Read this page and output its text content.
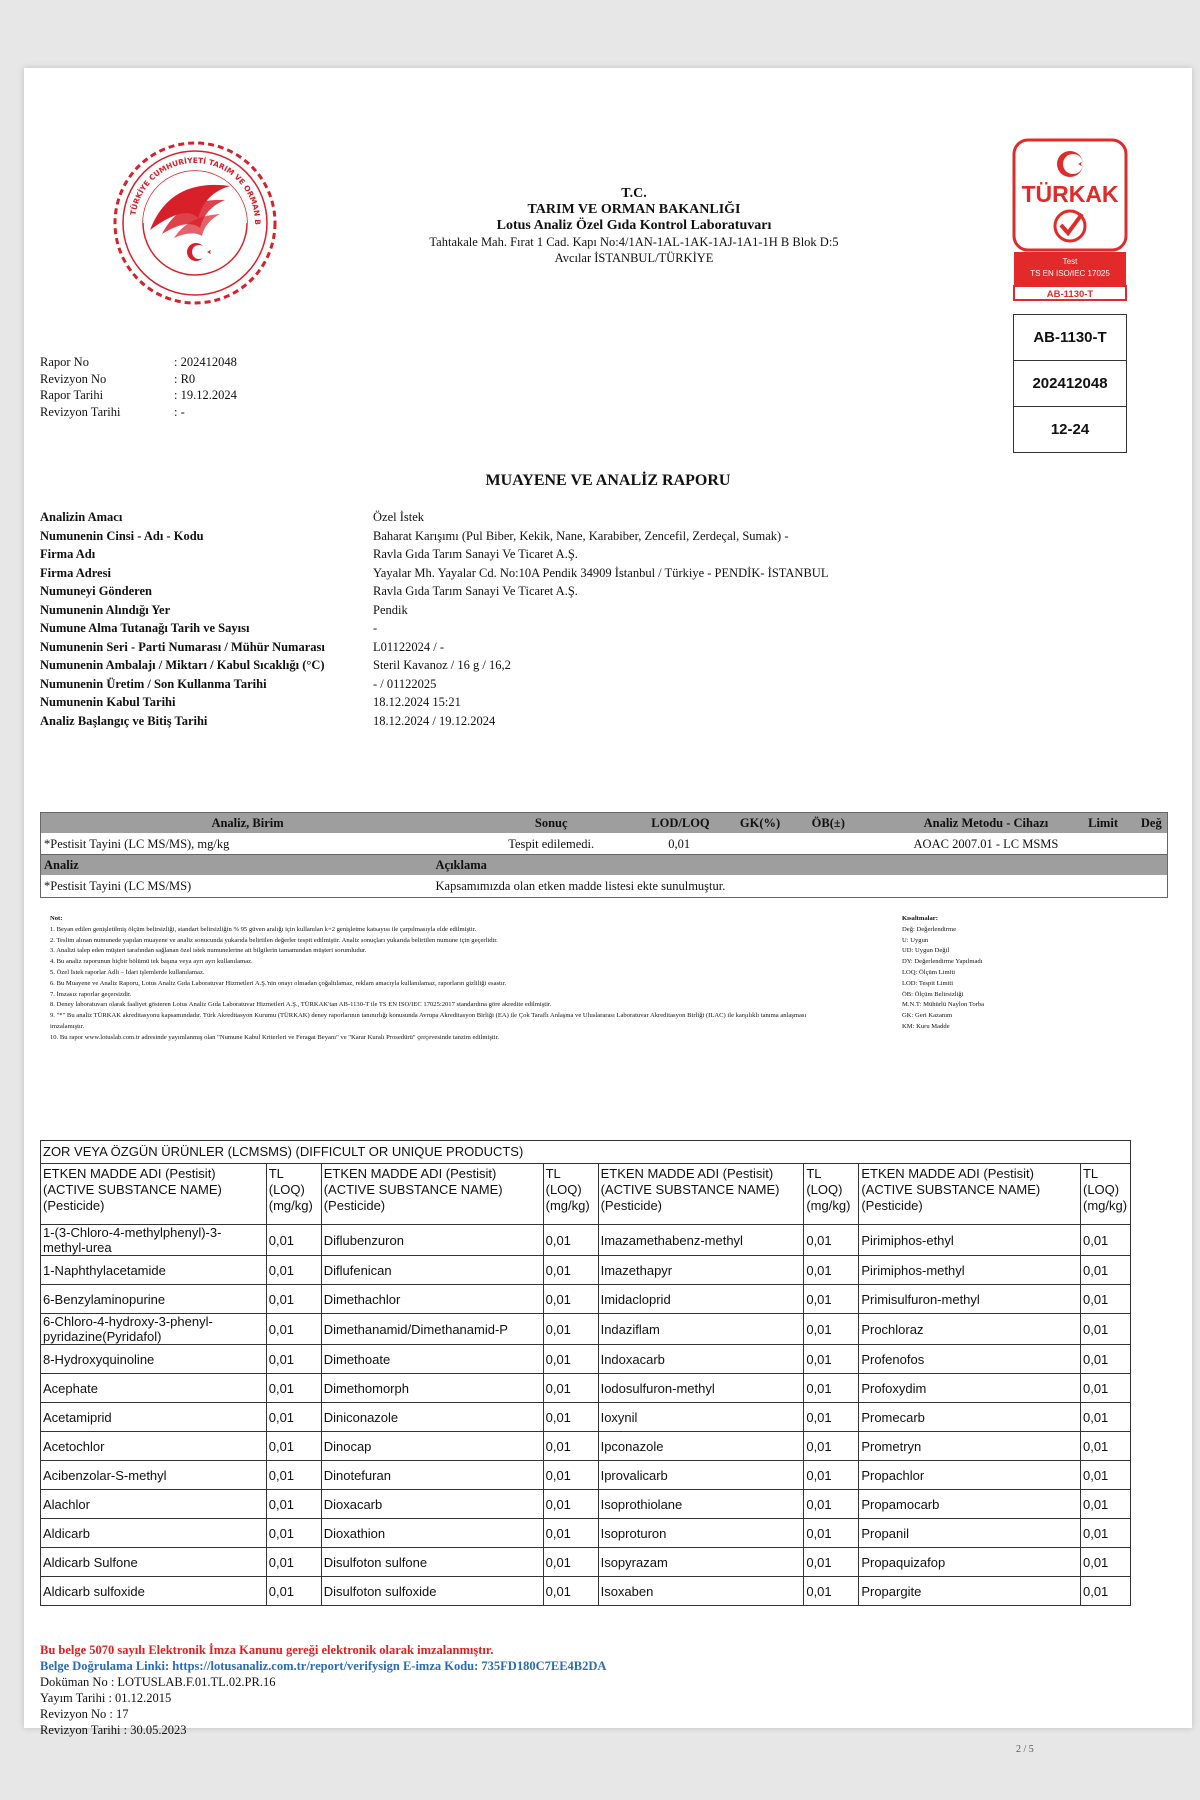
TÜRKİYE CUMHURİYETİ TARIM VE ORMAN B
T.C.
TARIM VE ORMAN BAKANLIĞI
Lotus Analiz Özel Gıda Kontrol Laboratuvarı
Tahtakale Mah. Fırat 1 Cad. Kapı No:4/1AN-1AL-1AK-1AJ-1A1-1H B Blok D:5
Avcılar İSTANBUL/TÜRKİYE
TÜRKAK
Test
TS EN ISO/IEC 17025
AB-1130-T
AB-1130-T
202412048
12-24
Rapor No	: 202412048
Revizyon No	: R0
Rapor Tarihi	: 19.12.2024
Revizyon Tarihi	: -
MUAYENE VE ANALİZ RAPORU
Analizin Amacı	Özel İstek
Numunenin Cinsi - Adı - Kodu	Baharat Karışımı (Pul Biber, Kekik, Nane, Karabiber, Zencefil, Zerdeçal, Sumak) -
Firma Adı	Ravla Gıda Tarım Sanayi Ve Ticaret A.Ş.
Firma Adresi	Yayalar Mh. Yayalar Cd. No:10A Pendik 34909 İstanbul / Türkiye - PENDİK- İSTANBUL
Numuneyi Gönderen	Ravla Gıda Tarım Sanayi Ve Ticaret A.Ş.
Numunenin Alındığı Yer	Pendik
Numune Alma Tutanağı Tarih ve Sayısı	-
Numunenin Seri - Parti Numarası / Mühür Numarası	L01122024 / -
Numunenin Ambalajı / Miktarı / Kabul Sıcaklığı (°C)	Steril Kavanoz / 16 g / 16,2
Numunenin Üretim / Son Kullanma Tarihi	- / 01122025
Numunenin Kabul Tarihi	18.12.2024 15:21
Analiz Başlangıç ve Bitiş Tarihi	18.12.2024 / 19.12.2024
Analiz, Birim	Sonuç	LOD/LOQ	GK(%)	ÖB(±)	Analiz Metodu - Cihazı	Limit	Değ
*Pestisit Tayini (LC MS/MS), mg/kg	Tespit edilemedi.	0,01			AOAC 2007.01 - LC MSMS		
Analiz	Açıklama
*Pestisit Tayini (LC MS/MS)	Kapsamımızda olan etken madde listesi ekte sunulmuştur.
Not:
1. Beyan edilen genişletilmiş ölçüm belirsizliği, standart belirsizliğin % 95 güven aralığı için kullanılan k=2 genişletme katsayısı ile çarpılmasıyla elde edilmiştir.
2. Teslim alınan numunede yapılan muayene ve analiz sonucunda yukarıda belirtilen değerler tespit edilmiştir. Analiz sonuçları yukarıda belirtilen numune için geçerlidir.
3. Analizi talep eden müşteri tarafından sağlanan özel istek numunelerine ait bilgilerin tamamından müşteri sorumludur.
4. Bu analiz raporunun hiçbir bölümü tek başına veya ayrı ayrı kullanılamaz.
5. Özel İstek raporlar Adli – İdari işlemlerde kullanılamaz.
6. Bu Muayene ve Analiz Raporu, Lotus Analiz Gıda Laboratuvar Hizmetleri A.Ş.'nin onayı olmadan çoğaltılamaz, reklam amacıyla kullanılamaz, raporların gizliliği esastır.
7. İmzasız raporlar geçersizdir.
8. Deney laboratuvarı olarak faaliyet gösteren Lotus Analiz Gıda Laboratuvar Hizmetleri A.Ş., TÜRKAK'tan AB-1130-T ile TS EN ISO/IEC 17025:2017 standardına göre akredite edilmiştir.
9. "*" Bu analiz TÜRKAK akreditasyonu kapsamındadır. Türk Akreditasyon Kurumu (TÜRKAK) deney raporlarının tanınırlığı konusunda Avrupa Akreditasyon Birliği (EA) ile Çok Taraflı Anlaşma ve Uluslararası Laboratuvar Akreditasyon Birliği (ILAC) ile karşılıklı tanıma anlaşması imzalamıştır.
10. Bu rapor www.lotuslab.com.tr adresinde yayımlanmış olan "Numune Kabul Kriterleri ve Feragat Beyanı" ve "Karar Kuralı Prosedürü" çerçevesinde tanzim edilmiştir.
Kısaltmalar:
Değ: Değerlendirme
U: Uygun
UD: Uygun Değil
DY: Değerlendirme Yapılmadı
LOQ: Ölçüm Limiti
LOD: Tespit Limiti
ÖB: Ölçüm Belirsizliği
M.N.T: Mühürlü Naylon Torba
GK: Geri Kazanım
KM: Kuru Madde
ZOR VEYA ÖZGÜN ÜRÜNLER (LCMSMS) (DIFFICULT OR UNIQUE PRODUCTS)
ETKEN MADDE ADI (Pestisit) (ACTIVE SUBSTANCE NAME) (Pesticide)	TL (LOQ) (mg/kg)	ETKEN MADDE ADI (Pestisit) (ACTIVE SUBSTANCE NAME) (Pesticide)	TL (LOQ) (mg/kg)	ETKEN MADDE ADI (Pestisit) (ACTIVE SUBSTANCE NAME) (Pesticide)	TL (LOQ) (mg/kg)	ETKEN MADDE ADI (Pestisit) (ACTIVE SUBSTANCE NAME) (Pesticide)	TL (LOQ) (mg/kg)
1-(3-Chloro-4-methylphenyl)-3-methyl-urea	0,01	Diflubenzuron	0,01	Imazamethabenz-methyl	0,01	Pirimiphos-ethyl	0,01
1-Naphthylacetamide	0,01	Diflufenican	0,01	Imazethapyr	0,01	Pirimiphos-methyl	0,01
6-Benzylaminopurine	0,01	Dimethachlor	0,01	Imidacloprid	0,01	Primisulfuron-methyl	0,01
6-Chloro-4-hydroxy-3-phenyl-pyridazine(Pyridafol)	0,01	Dimethanamid/Dimethanamid-P	0,01	Indaziflam	0,01	Prochloraz	0,01
8-Hydroxyquinoline	0,01	Dimethoate	0,01	Indoxacarb	0,01	Profenofos	0,01
Acephate	0,01	Dimethomorph	0,01	Iodosulfuron-methyl	0,01	Profoxydim	0,01
Acetamiprid	0,01	Diniconazole	0,01	Ioxynil	0,01	Promecarb	0,01
Acetochlor	0,01	Dinocap	0,01	Ipconazole	0,01	Prometryn	0,01
Acibenzolar-S-methyl	0,01	Dinotefuran	0,01	Iprovalicarb	0,01	Propachlor	0,01
Alachlor	0,01	Dioxacarb	0,01	Isoprothiolane	0,01	Propamocarb	0,01
Aldicarb	0,01	Dioxathion	0,01	Isoproturon	0,01	Propanil	0,01
Aldicarb Sulfone	0,01	Disulfoton sulfone	0,01	Isopyrazam	0,01	Propaquizafop	0,01
Aldicarb sulfoxide	0,01	Disulfoton sulfoxide	0,01	Isoxaben	0,01	Propargite	0,01
Bu belge 5070 sayılı Elektronik İmza Kanunu gereği elektronik olarak imzalanmıştır.
Belge Doğrulama Linki: https://lotusanaliz.com.tr/report/verifysign E-imza Kodu: 735FD180C7EE4B2DA
Doküman No : LOTUSLAB.F.01.TL.02.PR.16
Yayım Tarihi : 01.12.2015
Revizyon No : 17
Revizyon Tarihi : 30.05.2023
2 / 5
